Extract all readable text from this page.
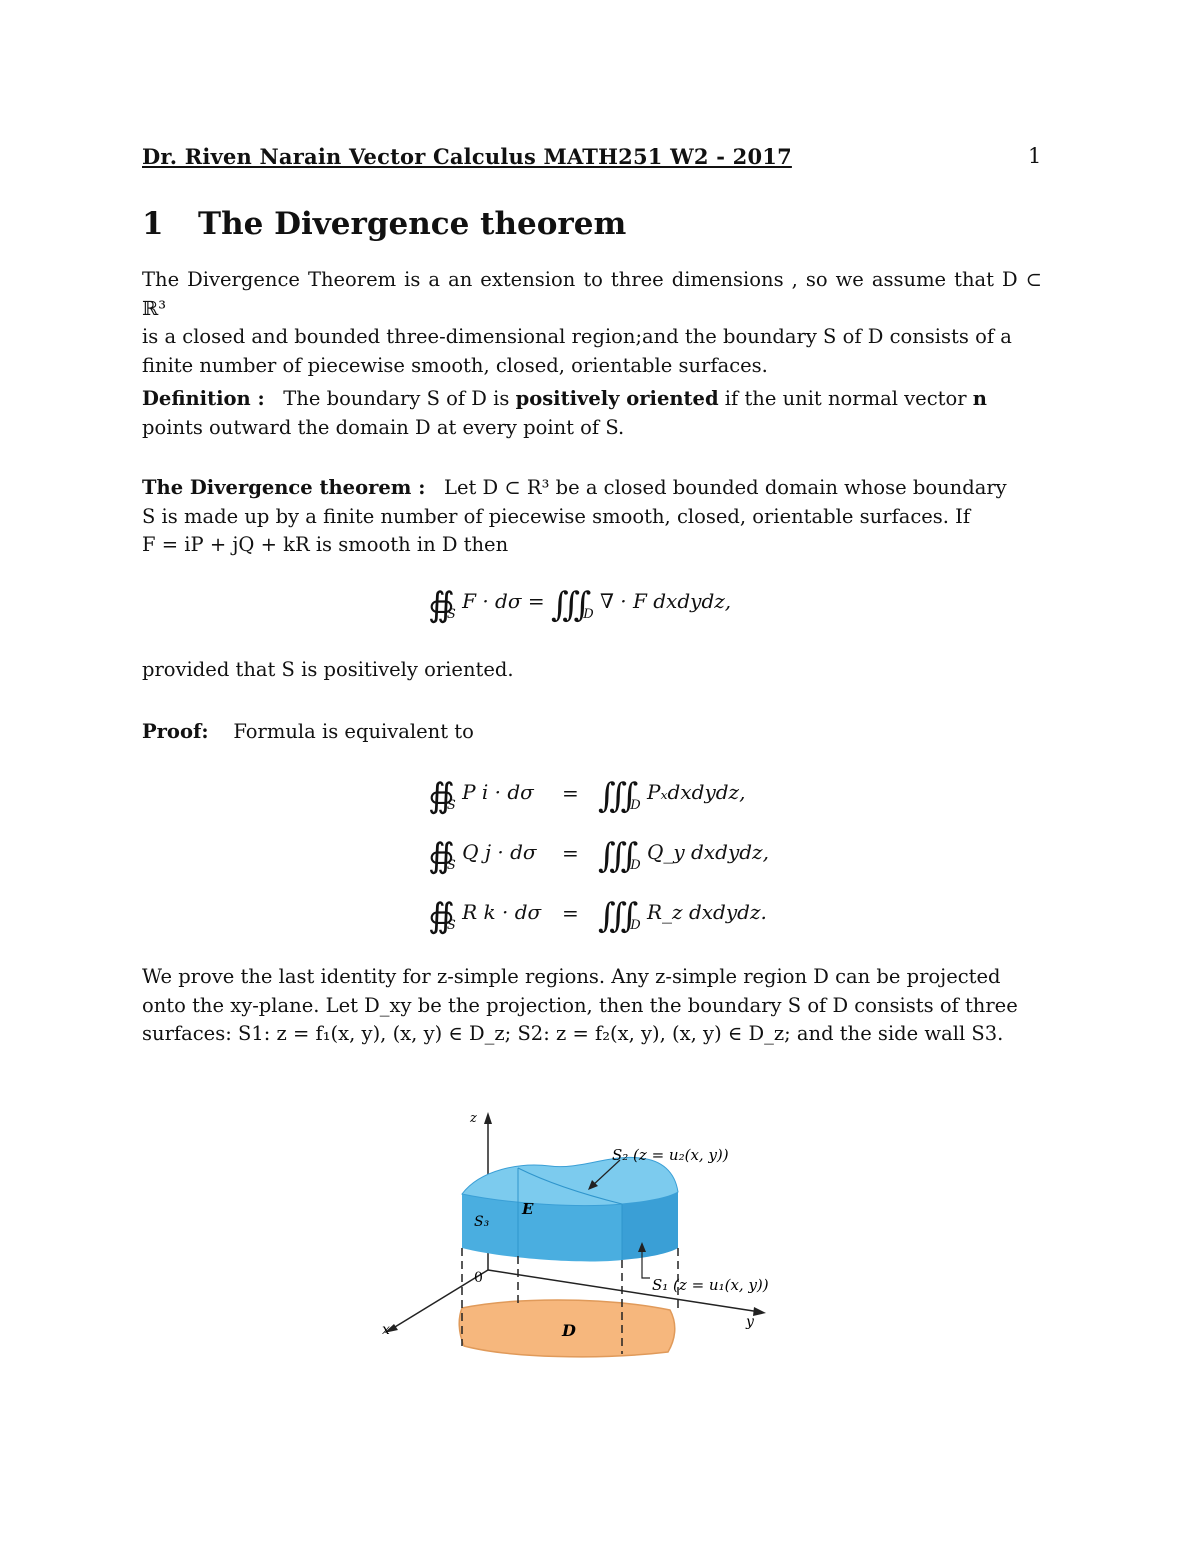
Dr. Riven Narain Vector Calculus MATH251 W2 - 2017	1
1 The Divergence theorem
The Divergence Theorem is a an extension to three dimensions , so we assume that D ⊂ ℝ³
is a closed and bounded three-dimensional region;and the boundary S of D consists of a
finite number of piecewise smooth, closed, orientable surfaces.
Definition : The boundary S of D is positively oriented if the unit normal vector n
points outward the domain D at every point of S.
The Divergence theorem : Let D ⊂ R³ be a closed bounded domain whose boundary
S is made up by a finite number of piecewise smooth, closed, orientable surfaces. If
F = iP + jQ + kR is smooth in D then
∯ $_S$ F · dσ = ∭ $_D$ ∇ · F dxdydz,
provided that S is positively oriented.
Proof: Formula is equivalent to
∯ $_S$ P i · dσ = ∭ $_D$ Pₓdxdydz,
∯ $_S$ Q j · dσ = ∭ $_D$ Q_y dxdydz,
∯ $_S$ R k · dσ = ∭ $_D$ R_z dxdydz.
We prove the last identity for z-simple regions. Any z-simple region D can be projected
onto the xy-plane. Let D_xy be the projection, then the boundary S of D consists of three
surfaces: S1: z = f₁(x, y), (x, y) ∈ D_z; S2: z = f₂(x, y), (x, y) ∈ D_z; and the side wall S3.
z
x	y
0
S₃
E
D
S₂ (z = u₂(x, y))
S₁ (z = u₁(x, y))
